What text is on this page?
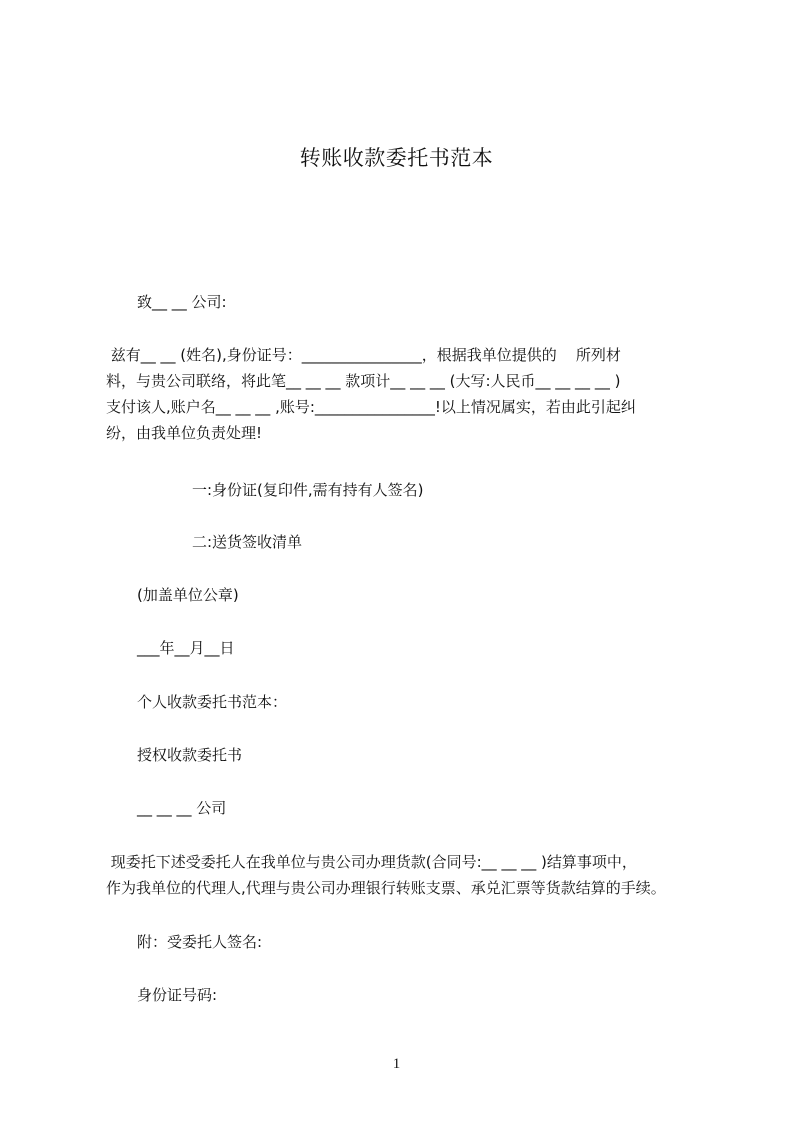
转账收款委托书范本
致__ __ 公司:
兹有__ __ (姓名),身份证号：________________，根据我单位提供的    所列材
料，与贵公司联络，将此笔__ __ __ 款项计__ __ __ (大写:人民币__ __ __ __ )
支付该人,账户名__ __ __ ,账号:________________!以上情况属实，若由此引起纠
纷，由我单位负责处理!
一:身份证(复印件,需有持有人签名)
二:送货签收清单
(加盖单位公章)
___年__月__日
个人收款委托书范本：
授权收款委托书
__ __ __ 公司
现委托下述受委托人在我单位与贵公司办理货款(合同号:__ __ __ )结算事项中，
作为我单位的代理人,代理与贵公司办理银行转账支票、承兑汇票等货款结算的手续。
附：受委托人签名:
身份证号码:
1
